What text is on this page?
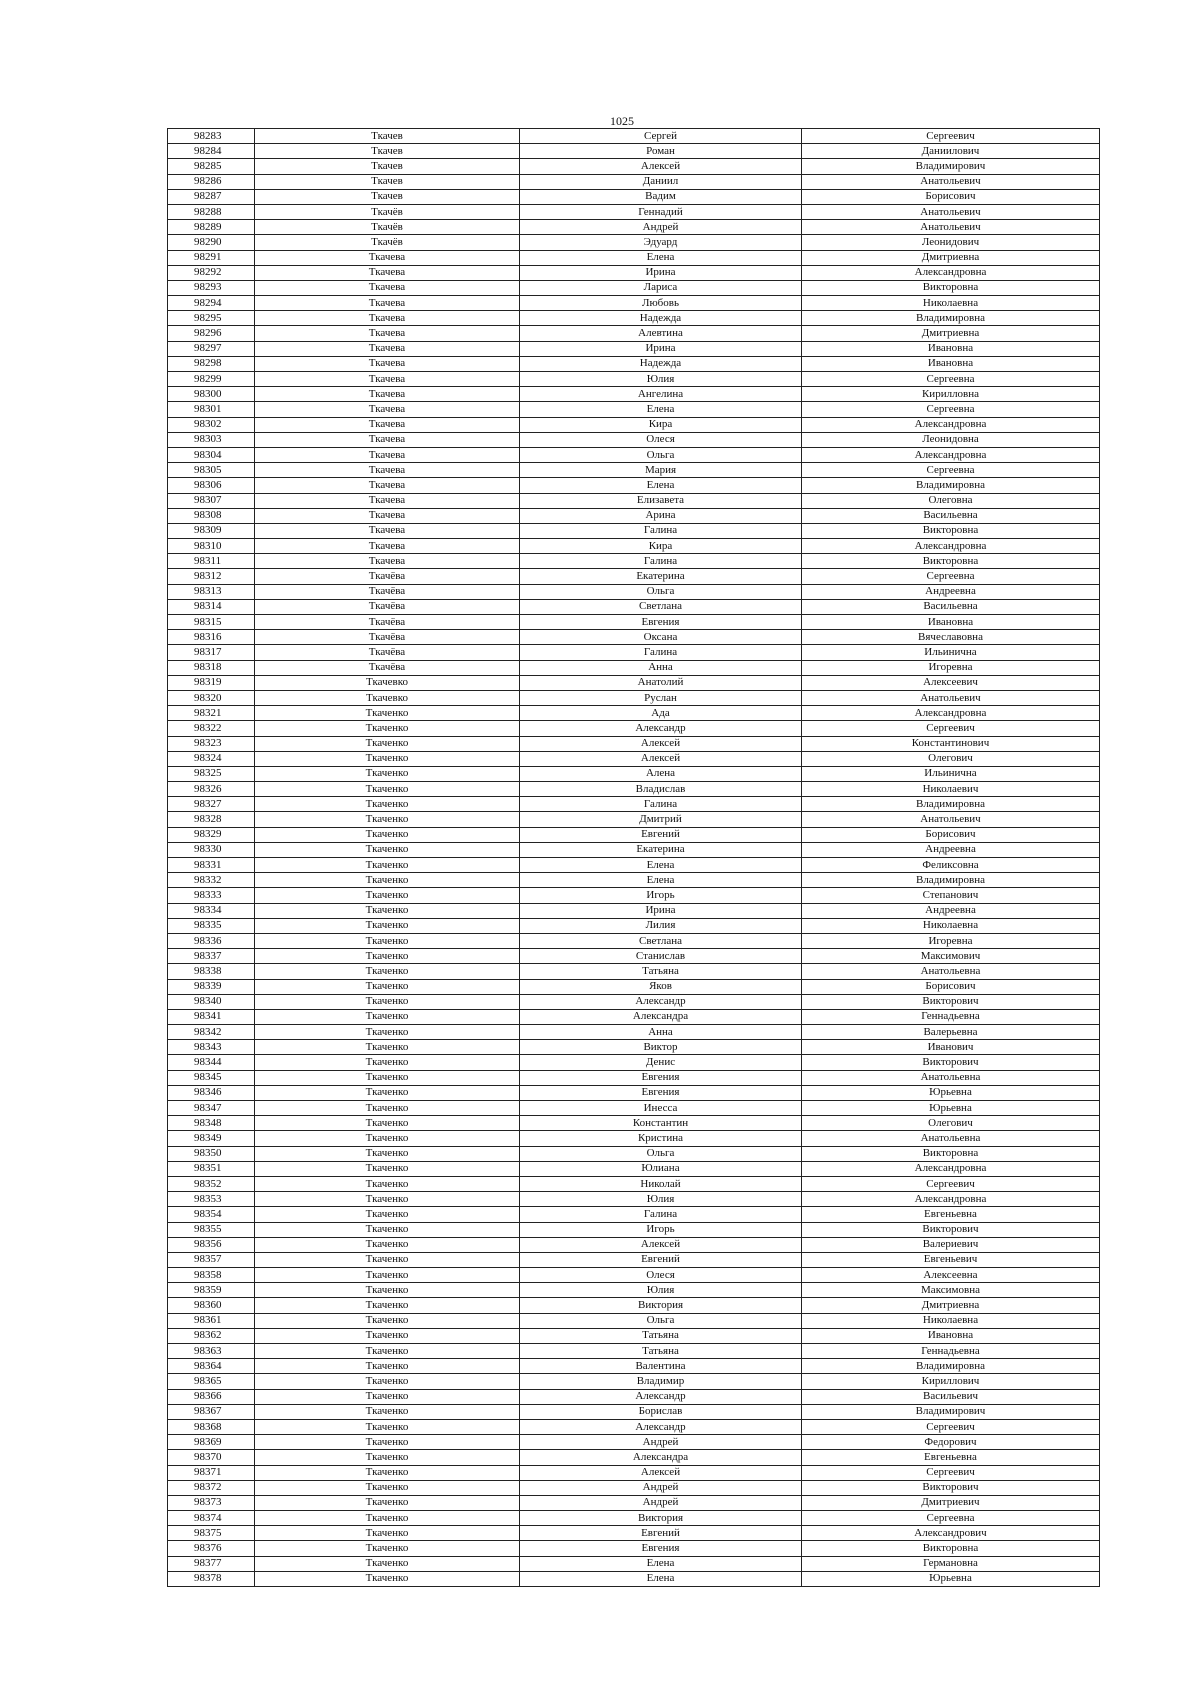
1025
98283	Ткачев	Сергей	Сергеевич
98284	Ткачев	Роман	Даниилович
98285	Ткачев	Алексей	Владимирович
98286	Ткачев	Даниил	Анатольевич
98287	Ткачев	Вадим	Борисович
98288	Ткачёв	Геннадий	Анатольевич
98289	Ткачёв	Андрей	Анатольевич
98290	Ткачёв	Эдуард	Леонидович
98291	Ткачева	Елена	Дмитриевна
98292	Ткачева	Ирина	Александровна
98293	Ткачева	Лариса	Викторовна
98294	Ткачева	Любовь	Николаевна
98295	Ткачева	Надежда	Владимировна
98296	Ткачева	Алевтина	Дмитриевна
98297	Ткачева	Ирина	Ивановна
98298	Ткачева	Надежда	Ивановна
98299	Ткачева	Юлия	Сергеевна
98300	Ткачева	Ангелина	Кирилловна
98301	Ткачева	Елена	Сергеевна
98302	Ткачева	Кира	Александровна
98303	Ткачева	Олеся	Леонидовна
98304	Ткачева	Ольга	Александровна
98305	Ткачева	Мария	Сергеевна
98306	Ткачева	Елена	Владимировна
98307	Ткачева	Елизавета	Олеговна
98308	Ткачева	Арина	Васильевна
98309	Ткачева	Галина	Викторовна
98310	Ткачева	Кира	Александровна
98311	Ткачева	Галина	Викторовна
98312	Ткачёва	Екатерина	Сергеевна
98313	Ткачёва	Ольга	Андреевна
98314	Ткачёва	Светлана	Васильевна
98315	Ткачёва	Евгения	Ивановна
98316	Ткачёва	Оксана	Вячеславовна
98317	Ткачёва	Галина	Ильинична
98318	Ткачёва	Анна	Игоревна
98319	Ткачевко	Анатолий	Алексеевич
98320	Ткачевко	Руслан	Анатольевич
98321	Ткаченко	Ада	Александровна
98322	Ткаченко	Александр	Сергеевич
98323	Ткаченко	Алексей	Константинович
98324	Ткаченко	Алексей	Олегович
98325	Ткаченко	Алена	Ильинична
98326	Ткаченко	Владислав	Николаевич
98327	Ткаченко	Галина	Владимировна
98328	Ткаченко	Дмитрий	Анатольевич
98329	Ткаченко	Евгений	Борисович
98330	Ткаченко	Екатерина	Андреевна
98331	Ткаченко	Елена	Феликсовна
98332	Ткаченко	Елена	Владимировна
98333	Ткаченко	Игорь	Степанович
98334	Ткаченко	Ирина	Андреевна
98335	Ткаченко	Лилия	Николаевна
98336	Ткаченко	Светлана	Игоревна
98337	Ткаченко	Станислав	Максимович
98338	Ткаченко	Татьяна	Анатольевна
98339	Ткаченко	Яков	Борисович
98340	Ткаченко	Александр	Викторович
98341	Ткаченко	Александра	Геннадьевна
98342	Ткаченко	Анна	Валерьевна
98343	Ткаченко	Виктор	Иванович
98344	Ткаченко	Денис	Викторович
98345	Ткаченко	Евгения	Анатольевна
98346	Ткаченко	Евгения	Юрьевна
98347	Ткаченко	Инесса	Юрьевна
98348	Ткаченко	Константин	Олегович
98349	Ткаченко	Кристина	Анатольевна
98350	Ткаченко	Ольга	Викторовна
98351	Ткаченко	Юлиана	Александровна
98352	Ткаченко	Николай	Сергеевич
98353	Ткаченко	Юлия	Александровна
98354	Ткаченко	Галина	Евгеньевна
98355	Ткаченко	Игорь	Викторович
98356	Ткаченко	Алексей	Валериевич
98357	Ткаченко	Евгений	Евгеньевич
98358	Ткаченко	Олеся	Алексеевна
98359	Ткаченко	Юлия	Максимовна
98360	Ткаченко	Виктория	Дмитриевна
98361	Ткаченко	Ольга	Николаевна
98362	Ткаченко	Татьяна	Ивановна
98363	Ткаченко	Татьяна	Геннадьевна
98364	Ткаченко	Валентина	Владимировна
98365	Ткаченко	Владимир	Кириллович
98366	Ткаченко	Александр	Васильевич
98367	Ткаченко	Борислав	Владимирович
98368	Ткаченко	Александр	Сергеевич
98369	Ткаченко	Андрей	Федорович
98370	Ткаченко	Александра	Евгеньевна
98371	Ткаченко	Алексей	Сергеевич
98372	Ткаченко	Андрей	Викторович
98373	Ткаченко	Андрей	Дмитриевич
98374	Ткаченко	Виктория	Сергеевна
98375	Ткаченко	Евгений	Александрович
98376	Ткаченко	Евгения	Викторовна
98377	Ткаченко	Елена	Германовна
98378	Ткаченко	Елена	Юрьевна
